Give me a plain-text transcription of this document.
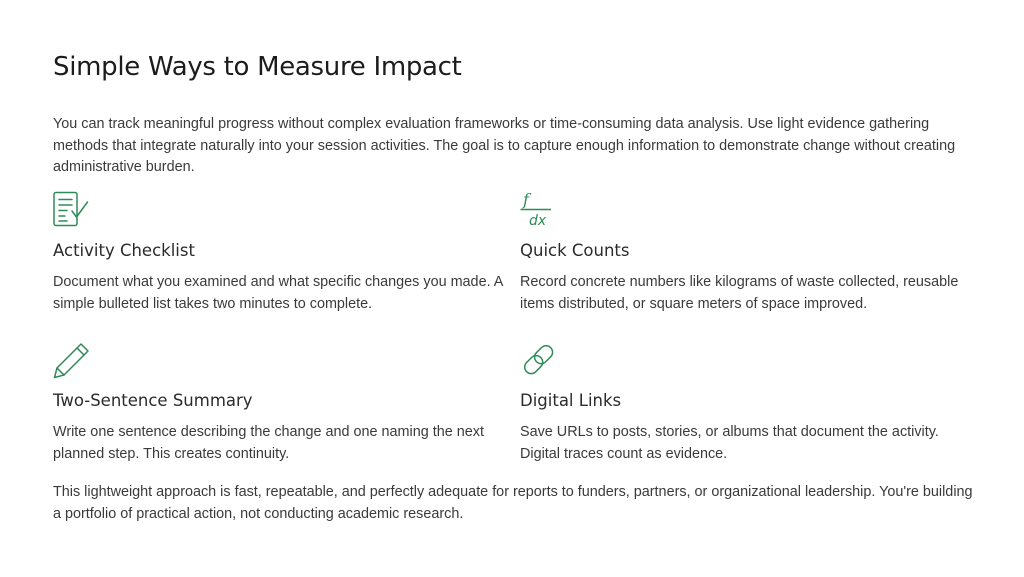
Simple Ways to Measure Impact

You can track meaningful progress without complex evaluation frameworks or time-consuming data analysis. Use light evidence gathering methods that integrate naturally into your session activities. The goal is to capture enough information to demonstrate change without creating administrative burden.

Activity Checklist

Document what you examined and what specific changes you made. A simple bulleted list takes two minutes to complete.

f
dx
Quick Counts

Record concrete numbers like kilograms of waste collected, reusable items distributed, or square meters of space improved.

Two-Sentence Summary

Write one sentence describing the change and one naming the next planned step. This creates continuity.

Digital Links

Save URLs to posts, stories, or albums that document the activity. Digital traces count as evidence.

This lightweight approach is fast, repeatable, and perfectly adequate for reports to funders, partners, or organizational leadership. You're building a portfolio of practical action, not conducting academic research.
